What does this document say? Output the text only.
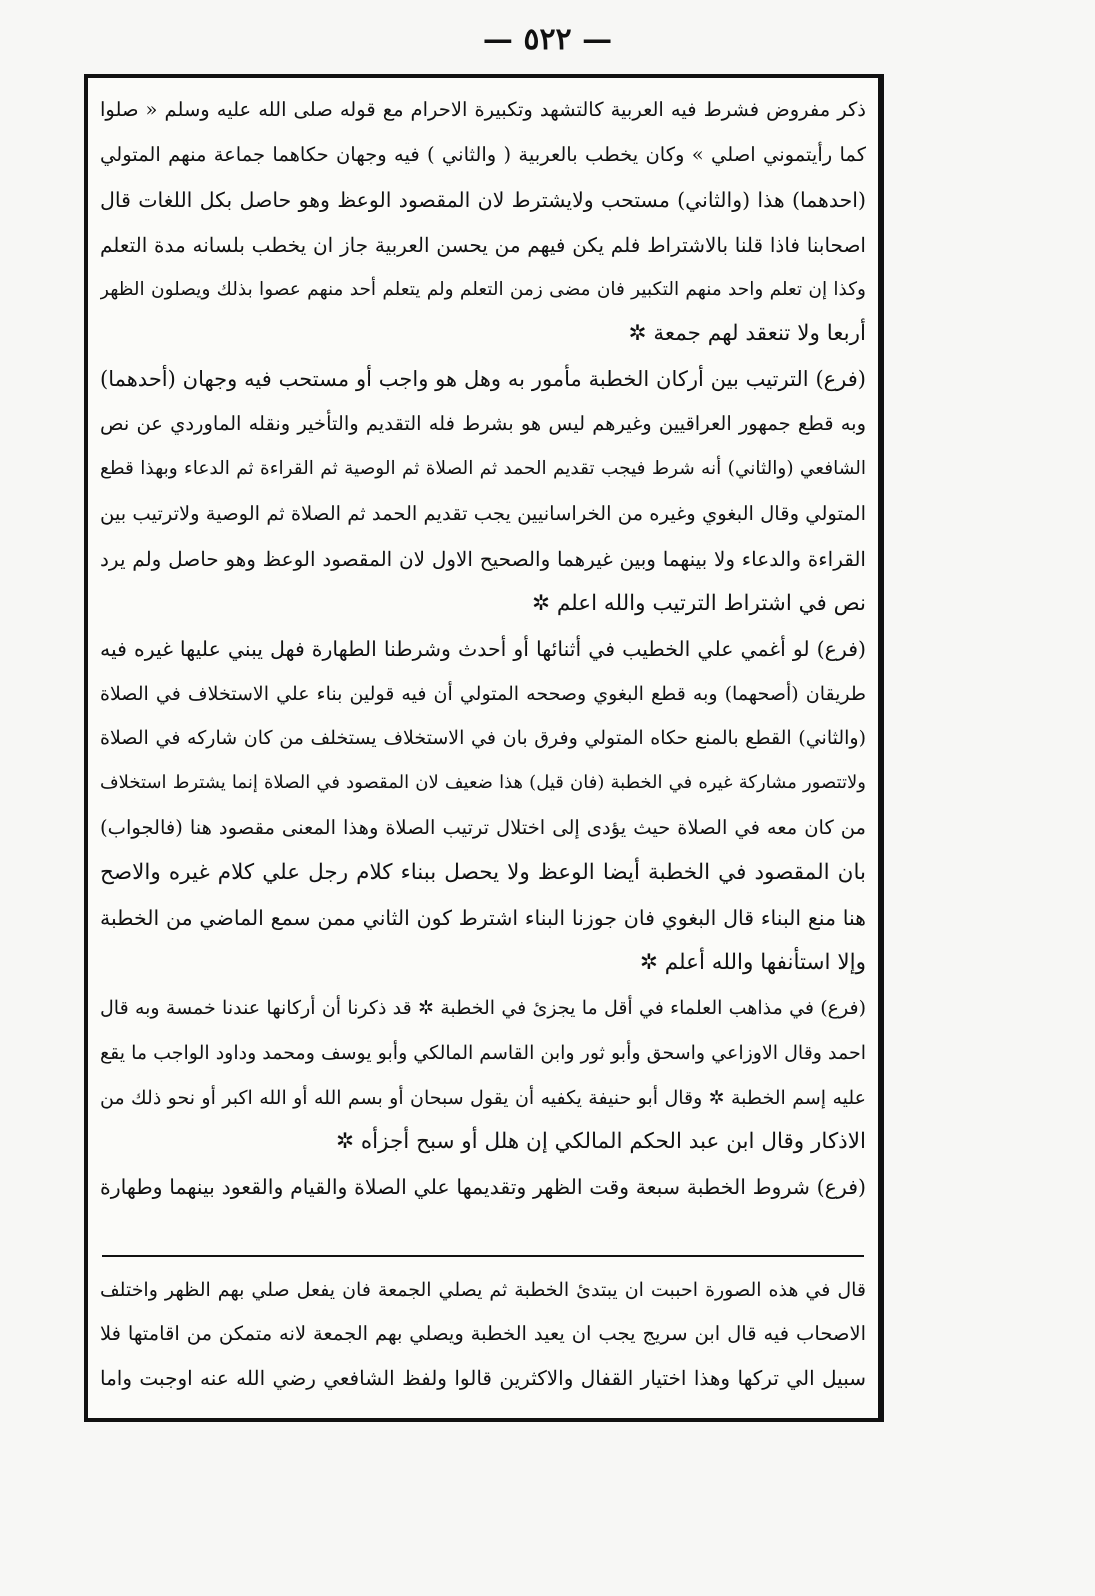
— ٥٢٢ —
ذكر مفروض فشرط فيه العربية كالتشهد وتكبيرة الاحرام مع قوله صلى الله عليه وسلم « صلوا
كما رأيتموني اصلي » وكان يخطب بالعربية ( والثاني ) فيه وجهان حكاهما جماعة منهم المتولي
(احدهما) هذا (والثاني) مستحب ولايشترط لان المقصود الوعظ وهو حاصل بكل اللغات قال
اصحابنا فاذا قلنا بالاشتراط فلم يكن فيهم من يحسن العربية جاز ان يخطب بلسانه مدة التعلم
وكذا إن تعلم واحد منهم التكبير فان مضى زمن التعلم ولم يتعلم أحد منهم عصوا بذلك ويصلون الظهر
أربعا ولا تنعقد لهم جمعة ✲
(فرع) الترتيب بين أركان الخطبة مأمور به وهل هو واجب أو مستحب فيه وجهان (أحدهما)
وبه قطع جمهور العراقيين وغيرهم ليس هو بشرط فله التقديم والتأخير ونقله الماوردي عن نص
الشافعي (والثاني) أنه شرط فيجب تقديم الحمد ثم الصلاة ثم الوصية ثم القراءة ثم الدعاء وبهذا قطع
المتولي وقال البغوي وغيره من الخراسانيين يجب تقديم الحمد ثم الصلاة ثم الوصية ولاترتيب بين
القراءة والدعاء ولا بينهما وبين غيرهما والصحيح الاول لان المقصود الوعظ وهو حاصل ولم يرد
نص في اشتراط الترتيب والله اعلم ✲
(فرع) لو أغمي علي الخطيب في أثنائها أو أحدث وشرطنا الطهارة فهل يبني عليها غيره فيه
طريقان (أصحهما) وبه قطع البغوي وصححه المتولي أن فيه قولين بناء علي الاستخلاف في الصلاة
(والثاني) القطع بالمنع حكاه المتولي وفرق بان في الاستخلاف يستخلف من كان شاركه في الصلاة
ولاتتصور مشاركة غيره في الخطبة (فان قيل) هذا ضعيف لان المقصود في الصلاة إنما يشترط استخلاف
من كان معه في الصلاة حيث يؤدى إلى اختلال ترتيب الصلاة وهذا المعنى مقصود هنا (فالجواب)
بان المقصود في الخطبة أيضا الوعظ ولا يحصل ببناء كلام رجل علي كلام غيره والاصح
هنا منع البناء قال البغوي فان جوزنا البناء اشترط كون الثاني ممن سمع الماضي من الخطبة
وإلا استأنفها والله أعلم ✲
(فرع) في مذاهب العلماء في أقل ما يجزئ في الخطبة ✲ قد ذكرنا أن أركانها عندنا خمسة وبه قال
احمد وقال الاوزاعي واسحق وأبو ثور وابن القاسم المالكي وأبو يوسف ومحمد وداود الواجب ما يقع
عليه إسم الخطبة ✲ وقال أبو حنيفة يكفيه أن يقول سبحان أو بسم الله أو الله اكبر أو نحو ذلك من
الاذكار وقال ابن عبد الحكم المالكي إن هلل أو سبح أجزأه ✲
(فرع) شروط الخطبة سبعة وقت الظهر وتقديمها علي الصلاة والقيام والقعود بينهما وطهارة
قال في هذه الصورة احببت ان يبتدئ الخطبة ثم يصلي الجمعة فان يفعل صلي بهم الظهر واختلف
الاصحاب فيه قال ابن سريج يجب ان يعيد الخطبة ويصلي بهم الجمعة لانه متمكن من اقامتها فلا
سبيل الي تركها وهذا اختيار القفال والاكثرين قالوا ولفظ الشافعي رضي الله عنه اوجبت واما
